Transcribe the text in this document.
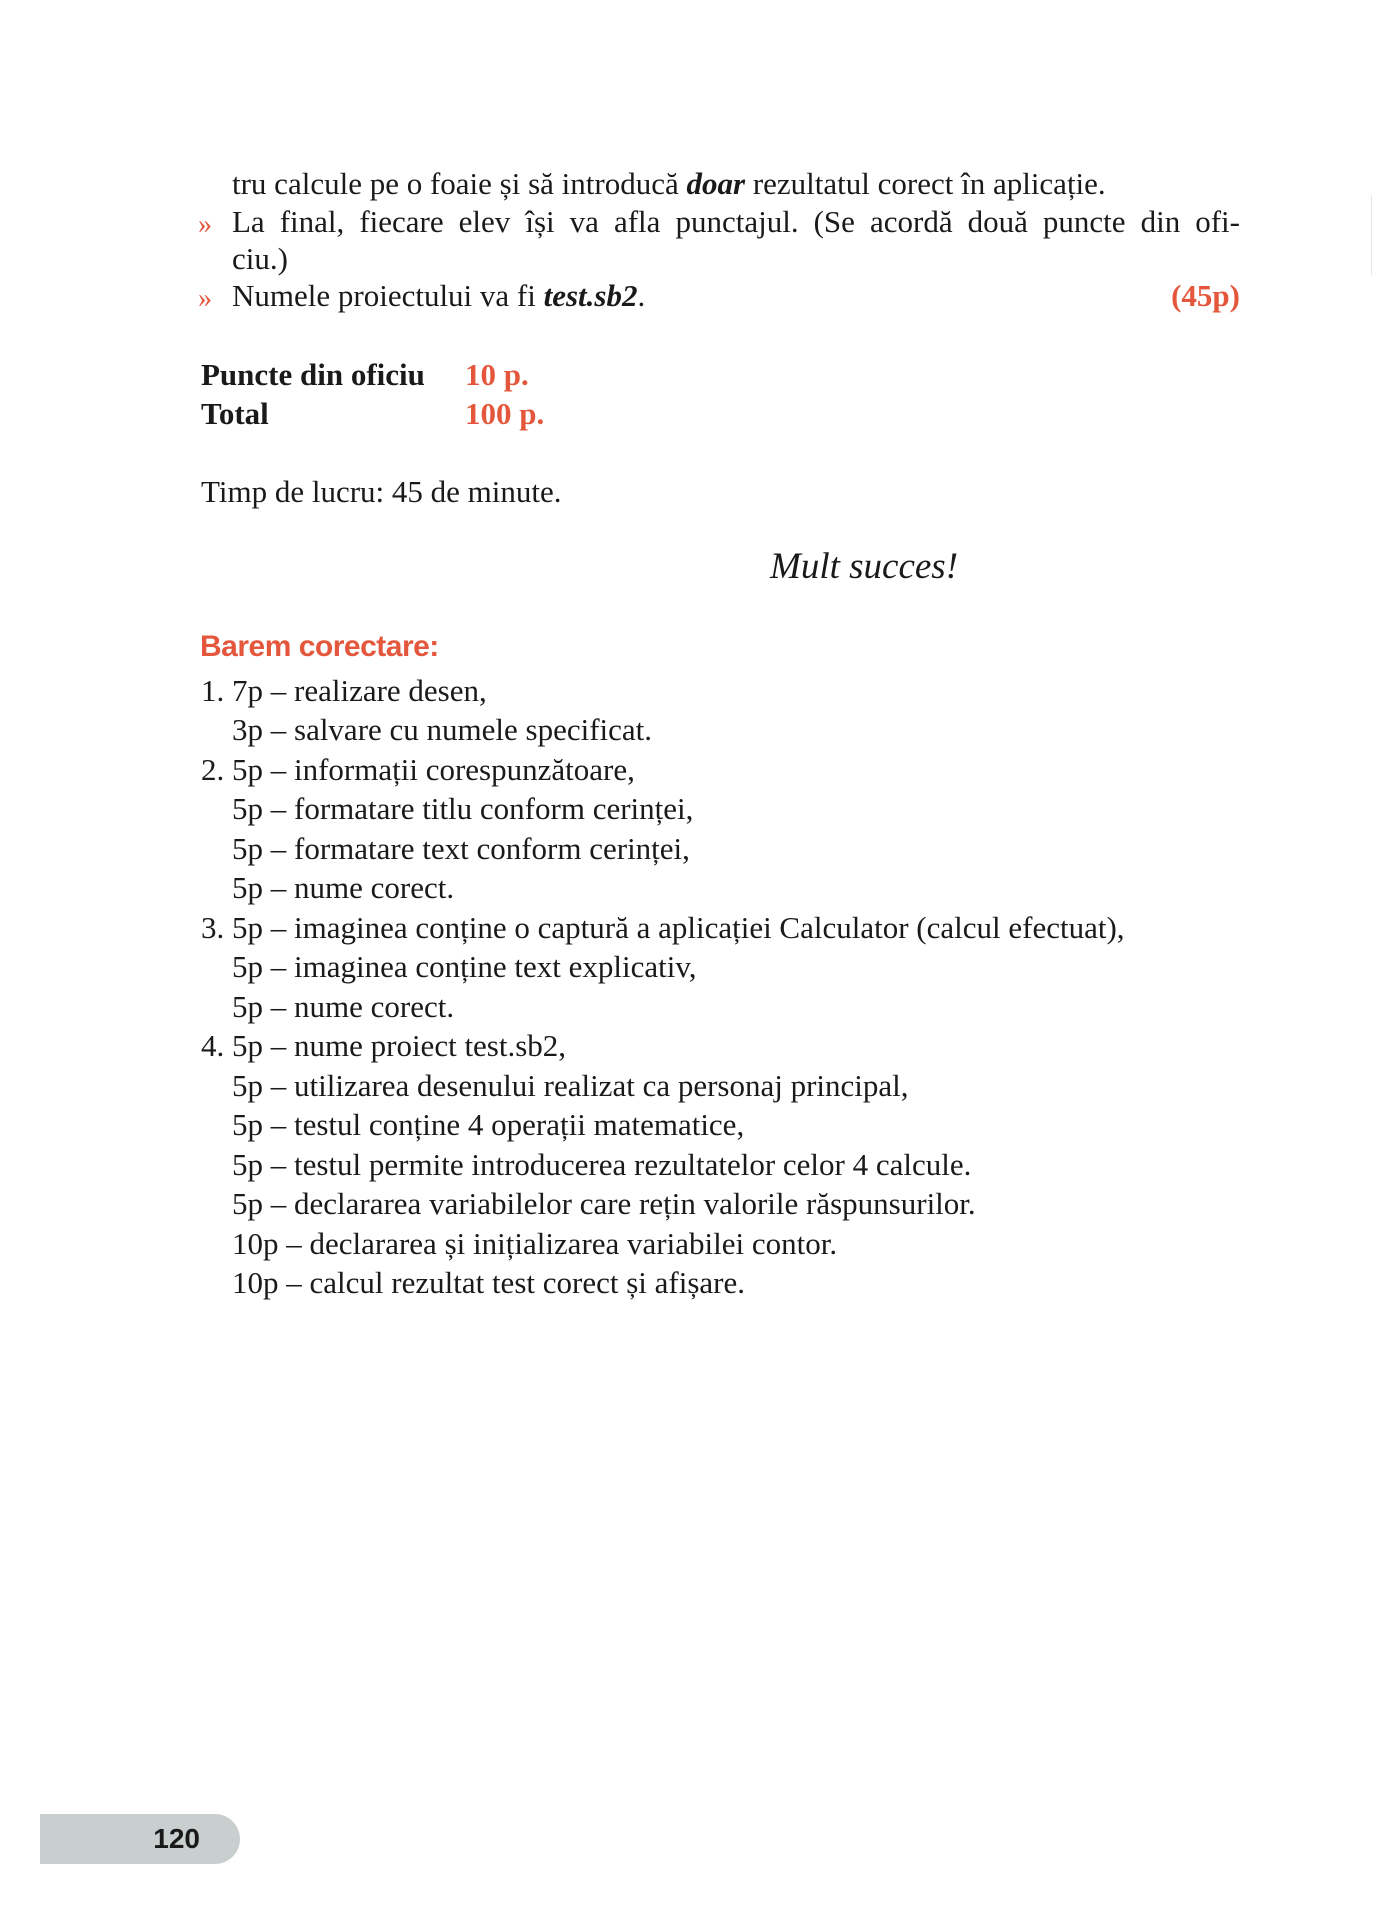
tru calcule pe o foaie și să introducă doar rezultatul corect în aplicație.
» La final, fiecare elev își va afla punctajul. (Se acordă două puncte din ofi-
ciu.)
» Numele proiectului va fi test.sb2.	(45p)
Puncte din oficiu 10 p.
Total	100 p.
Timp de lucru: 45 de minute.
Mult succes!
Barem corectare:
1. 7p – realizare desen,
3p – salvare cu numele specificat.
2. 5p – informații corespunzătoare,
5p – formatare titlu conform cerinței,
5p – formatare text conform cerinței,
5p – nume corect.
3. 5p – imaginea conține o captură a aplicației Calculator (calcul efectuat),
5p – imaginea conține text explicativ,
5p – nume corect.
4. 5p – nume proiect test.sb2,
5p – utilizarea desenului realizat ca personaj principal,
5p – testul conține 4 operații matematice,
5p – testul permite introducerea rezultatelor celor 4 calcule.
5p – declararea variabilelor care rețin valorile răspunsurilor.
10p – declararea și inițializarea variabilei contor.
10p – calcul rezultat test corect și afișare.
120
